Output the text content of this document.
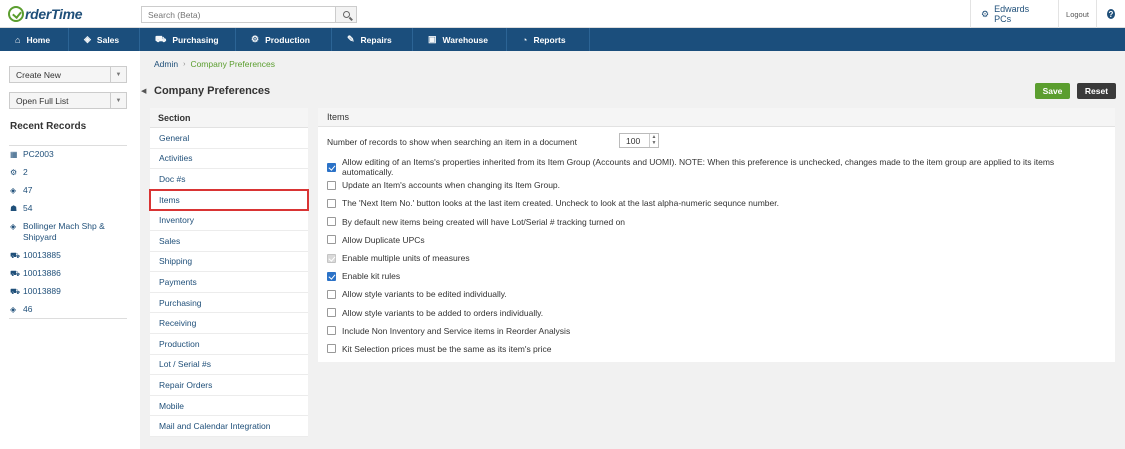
rderTime
Search (Beta)	⚙ Edwards PCs	Logout	?
⌂ Home	◈ Sales	⛟ Purchasing	⚙ Production	✎ Repairs	▣ Warehouse	◔ Reports
Create New	▼
Open Full List	▼
Recent Records
▦ PC2003
⚙ 2
◈ 47
☗ 54
◈ Bollinger Mach Shp & Shipyard
⛟ 10013885
⛟ 10013886
⛟ 10013889
◈ 46
◀
Admin › Company Preferences
Company Preferences	Save	Reset
Section
General
Activities
Doc #s
Items
Inventory
Sales
Shipping
Payments
Purchasing
Receiving
Production
Lot / Serial #s
Repair Orders
Mobile
Mail and Calendar Integration
Items
Number of records to show when searching an item in a document	100	▲
▼
Allow editing of an Items's properties inherited from its Item Group (Accounts and UOMI). NOTE: When this preference is unchecked, changes made to the item group are applied to its items automatically.
Update an Item's accounts when changing its Item Group.
The 'Next Item No.' button looks at the last item created. Uncheck to look at the last alpha-numeric sequnce number.
By default new items being created will have Lot/Serial # tracking turned on
Allow Duplicate UPCs
Enable multiple units of measures
Enable kit rules
Allow style variants to be edited individually.
Allow style variants to be added to orders individually.
Include Non Inventory and Service items in Reorder Analysis
Kit Selection prices must be the same as its item's price
